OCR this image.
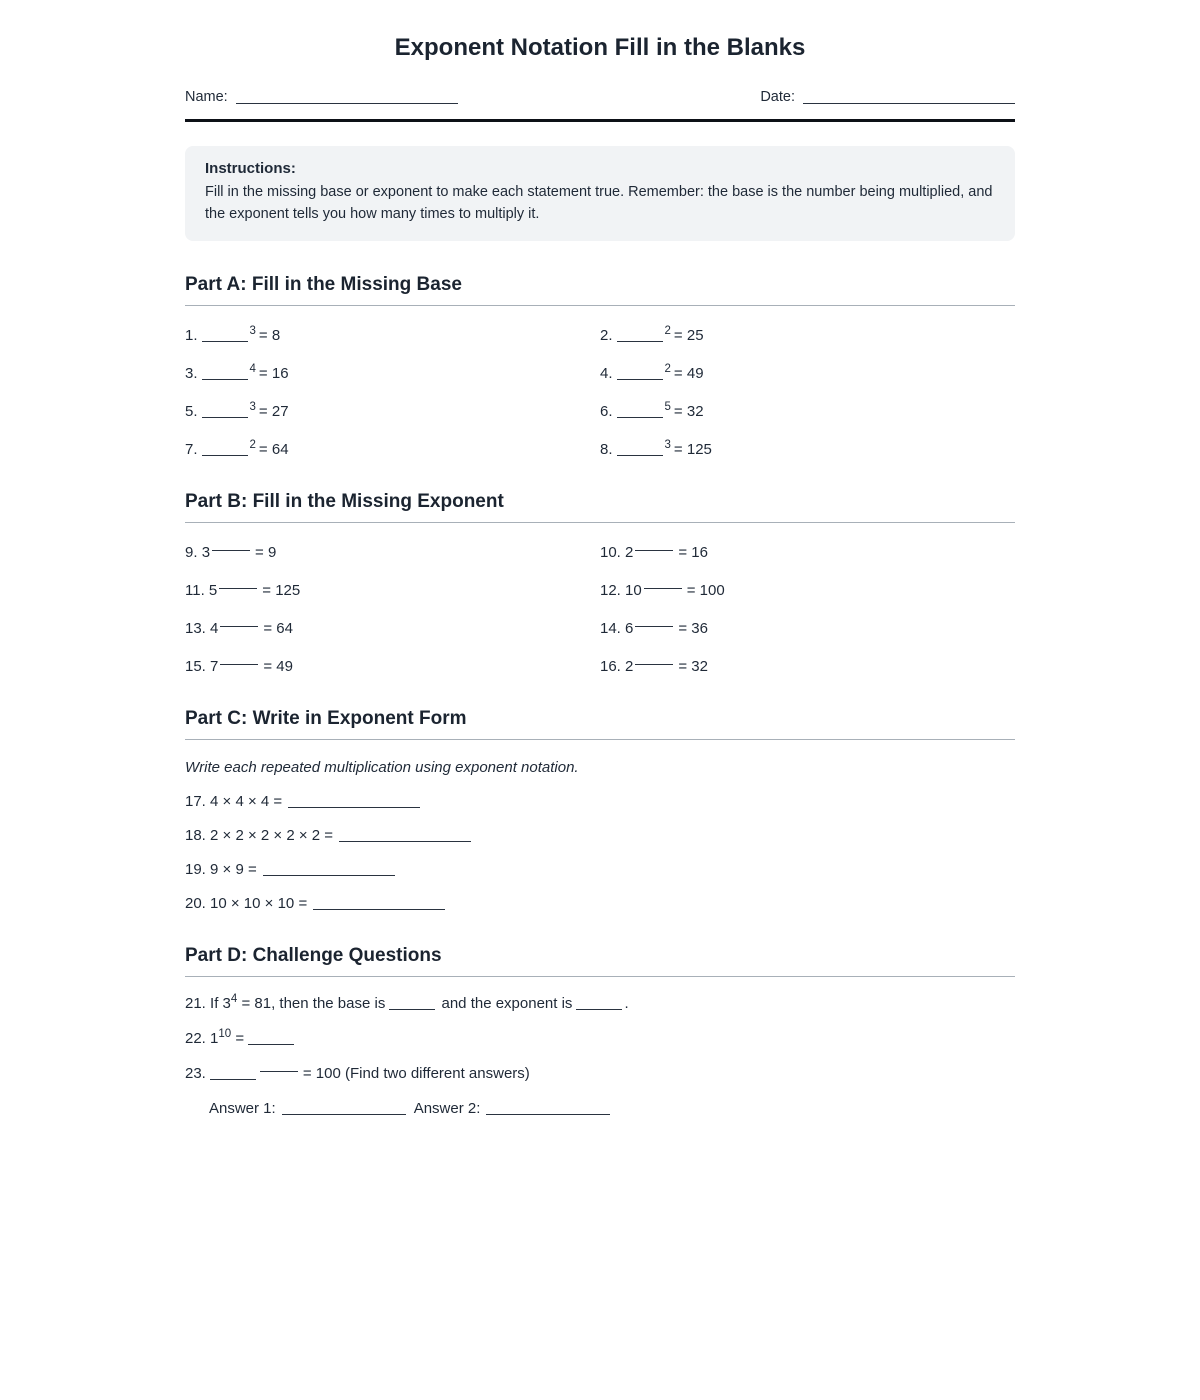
Exponent Notation Fill in the Blanks
Name:	Date:

Instructions:

Fill in the missing base or exponent to make each statement true. Remember: the base is the number being multiplied, and the exponent tells you how many times to multiply it.

Part A: Fill in the Missing Base
1.	$^3$ = 8	2.	$^2$ = 25
3.	$^4$ = 16	4.	$^2$ = 49
5.	$^3$ = 27	6.	$^5$ = 32
7.	$^2$ = 64	8.	$^3$ = 125
Part B: Fill in the Missing Exponent
9. 3	= 9	10. 2	= 16
11. 5	= 125	12. 10	= 100
13. 4	= 64	14. 6	= 36
15. 7	= 49	16. 2	= 32
Part C: Write in Exponent Form

Write each repeated multiplication using exponent notation.

17. 4 × 4 × 4 =
18. 2 × 2 × 2 × 2 × 2 =
19. 9 × 9 =
20. 10 × 10 × 10 =
Part D: Challenge Questions
21. If $3^4 = 81$, then the base is	and the exponent is	.
22. $1^{10}$ =
23.	= 100 (Find two different answers)
Answer 1:	Answer 2:
